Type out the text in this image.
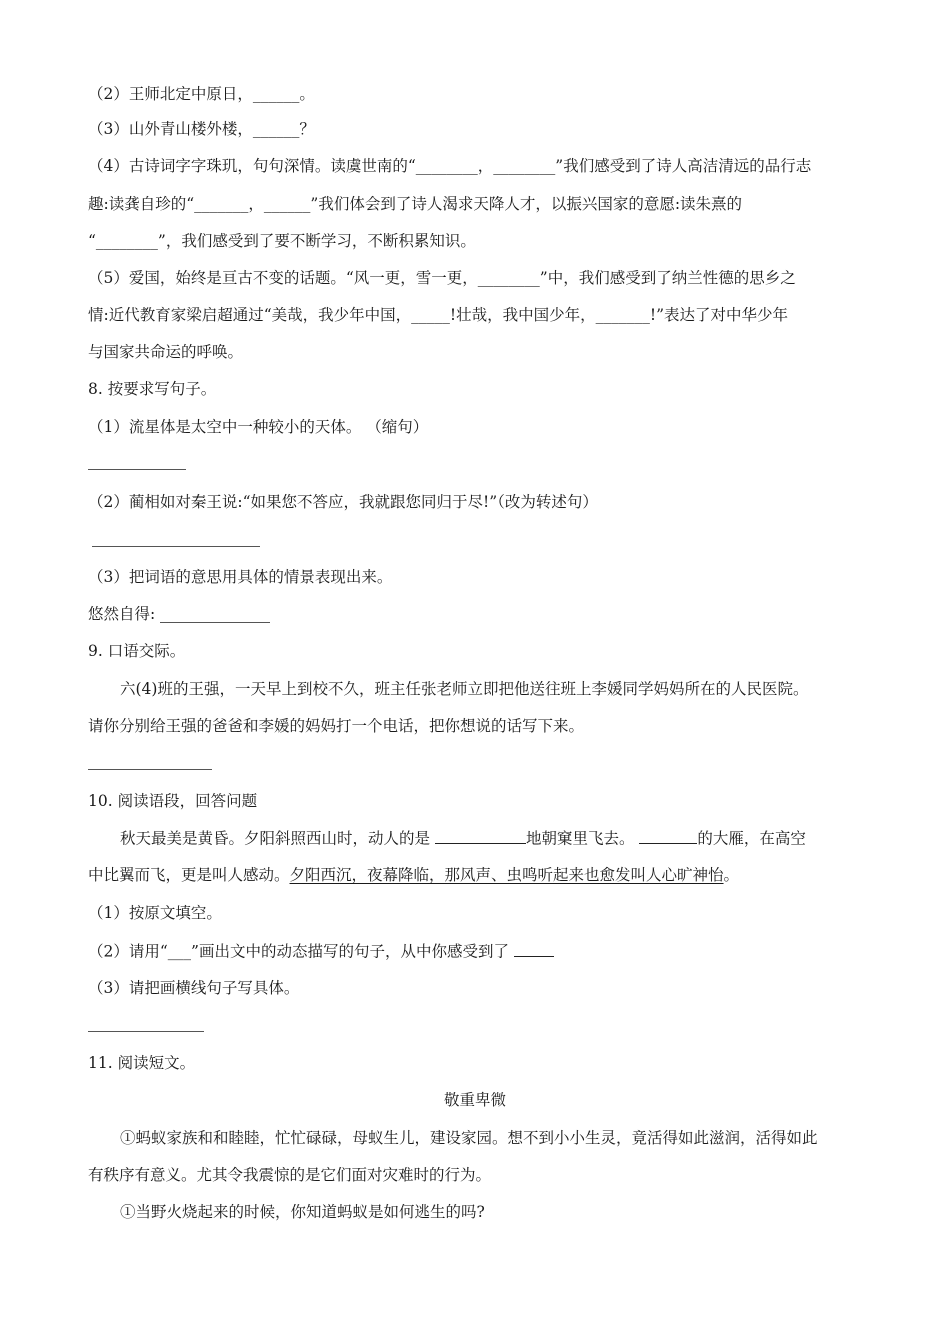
（2）王师北定中原日，______。
（3）山外青山楼外楼，______？
（4）古诗词字字珠玑，句句深情。读虞世南的“________，________”我们感受到了诗人高洁清远的品行志
趣:读龚自珍的“_______，______”我们体会到了诗人渴求天降人才，以振兴国家的意愿:读朱熹的
“________”，我们感受到了要不断学习，不断积累知识。
（5）爱国，始终是亘古不变的话题。“风一更，雪一更，________”中，我们感受到了纳兰性德的思乡之
情:近代教育家梁启超通过“美哉，我少年中国，_____!壮哉，我中国少年，_______!”表达了对中华少年
与国家共命运的呼唤。
8. 按要求写句子。
（1）流星体是太空中一种较小的天体。 （缩句）
（2）蔺相如对秦王说:“如果您不答应，我就跟您同归于尽!”（改为转述句）
（3）把词语的意思用具体的情景表现出来。
悠然自得:
9. 口语交际。
六(4)班的王强，一天早上到校不久，班主任张老师立即把他送往班上李媛同学妈妈所在的人民医院。
请你分别给王强的爸爸和李媛的妈妈打一个电话，把你想说的话写下来。
10. 阅读语段，回答问题
秋天最美是黄昏。夕阳斜照西山时，动人的是	地朝窠里飞去。	的大雁，在高空
中比翼而飞，更是叫人感动。夕阳西沉，夜幕降临，那风声、虫鸣听起来也愈发叫人心旷神怡。
（1）按原文填空。
（2）请用“___”画出文中的动态描写的句子，从中你感受到了
（3）请把画横线句子写具体。
11. 阅读短文。
敬重卑微
①蚂蚁家族和和睦睦，忙忙碌碌，母蚁生儿，建设家园。想不到小小生灵，竟活得如此滋润，活得如此
有秩序有意义。尤其令我震惊的是它们面对灾难时的行为。
①当野火烧起来的时候，你知道蚂蚁是如何逃生的吗?
